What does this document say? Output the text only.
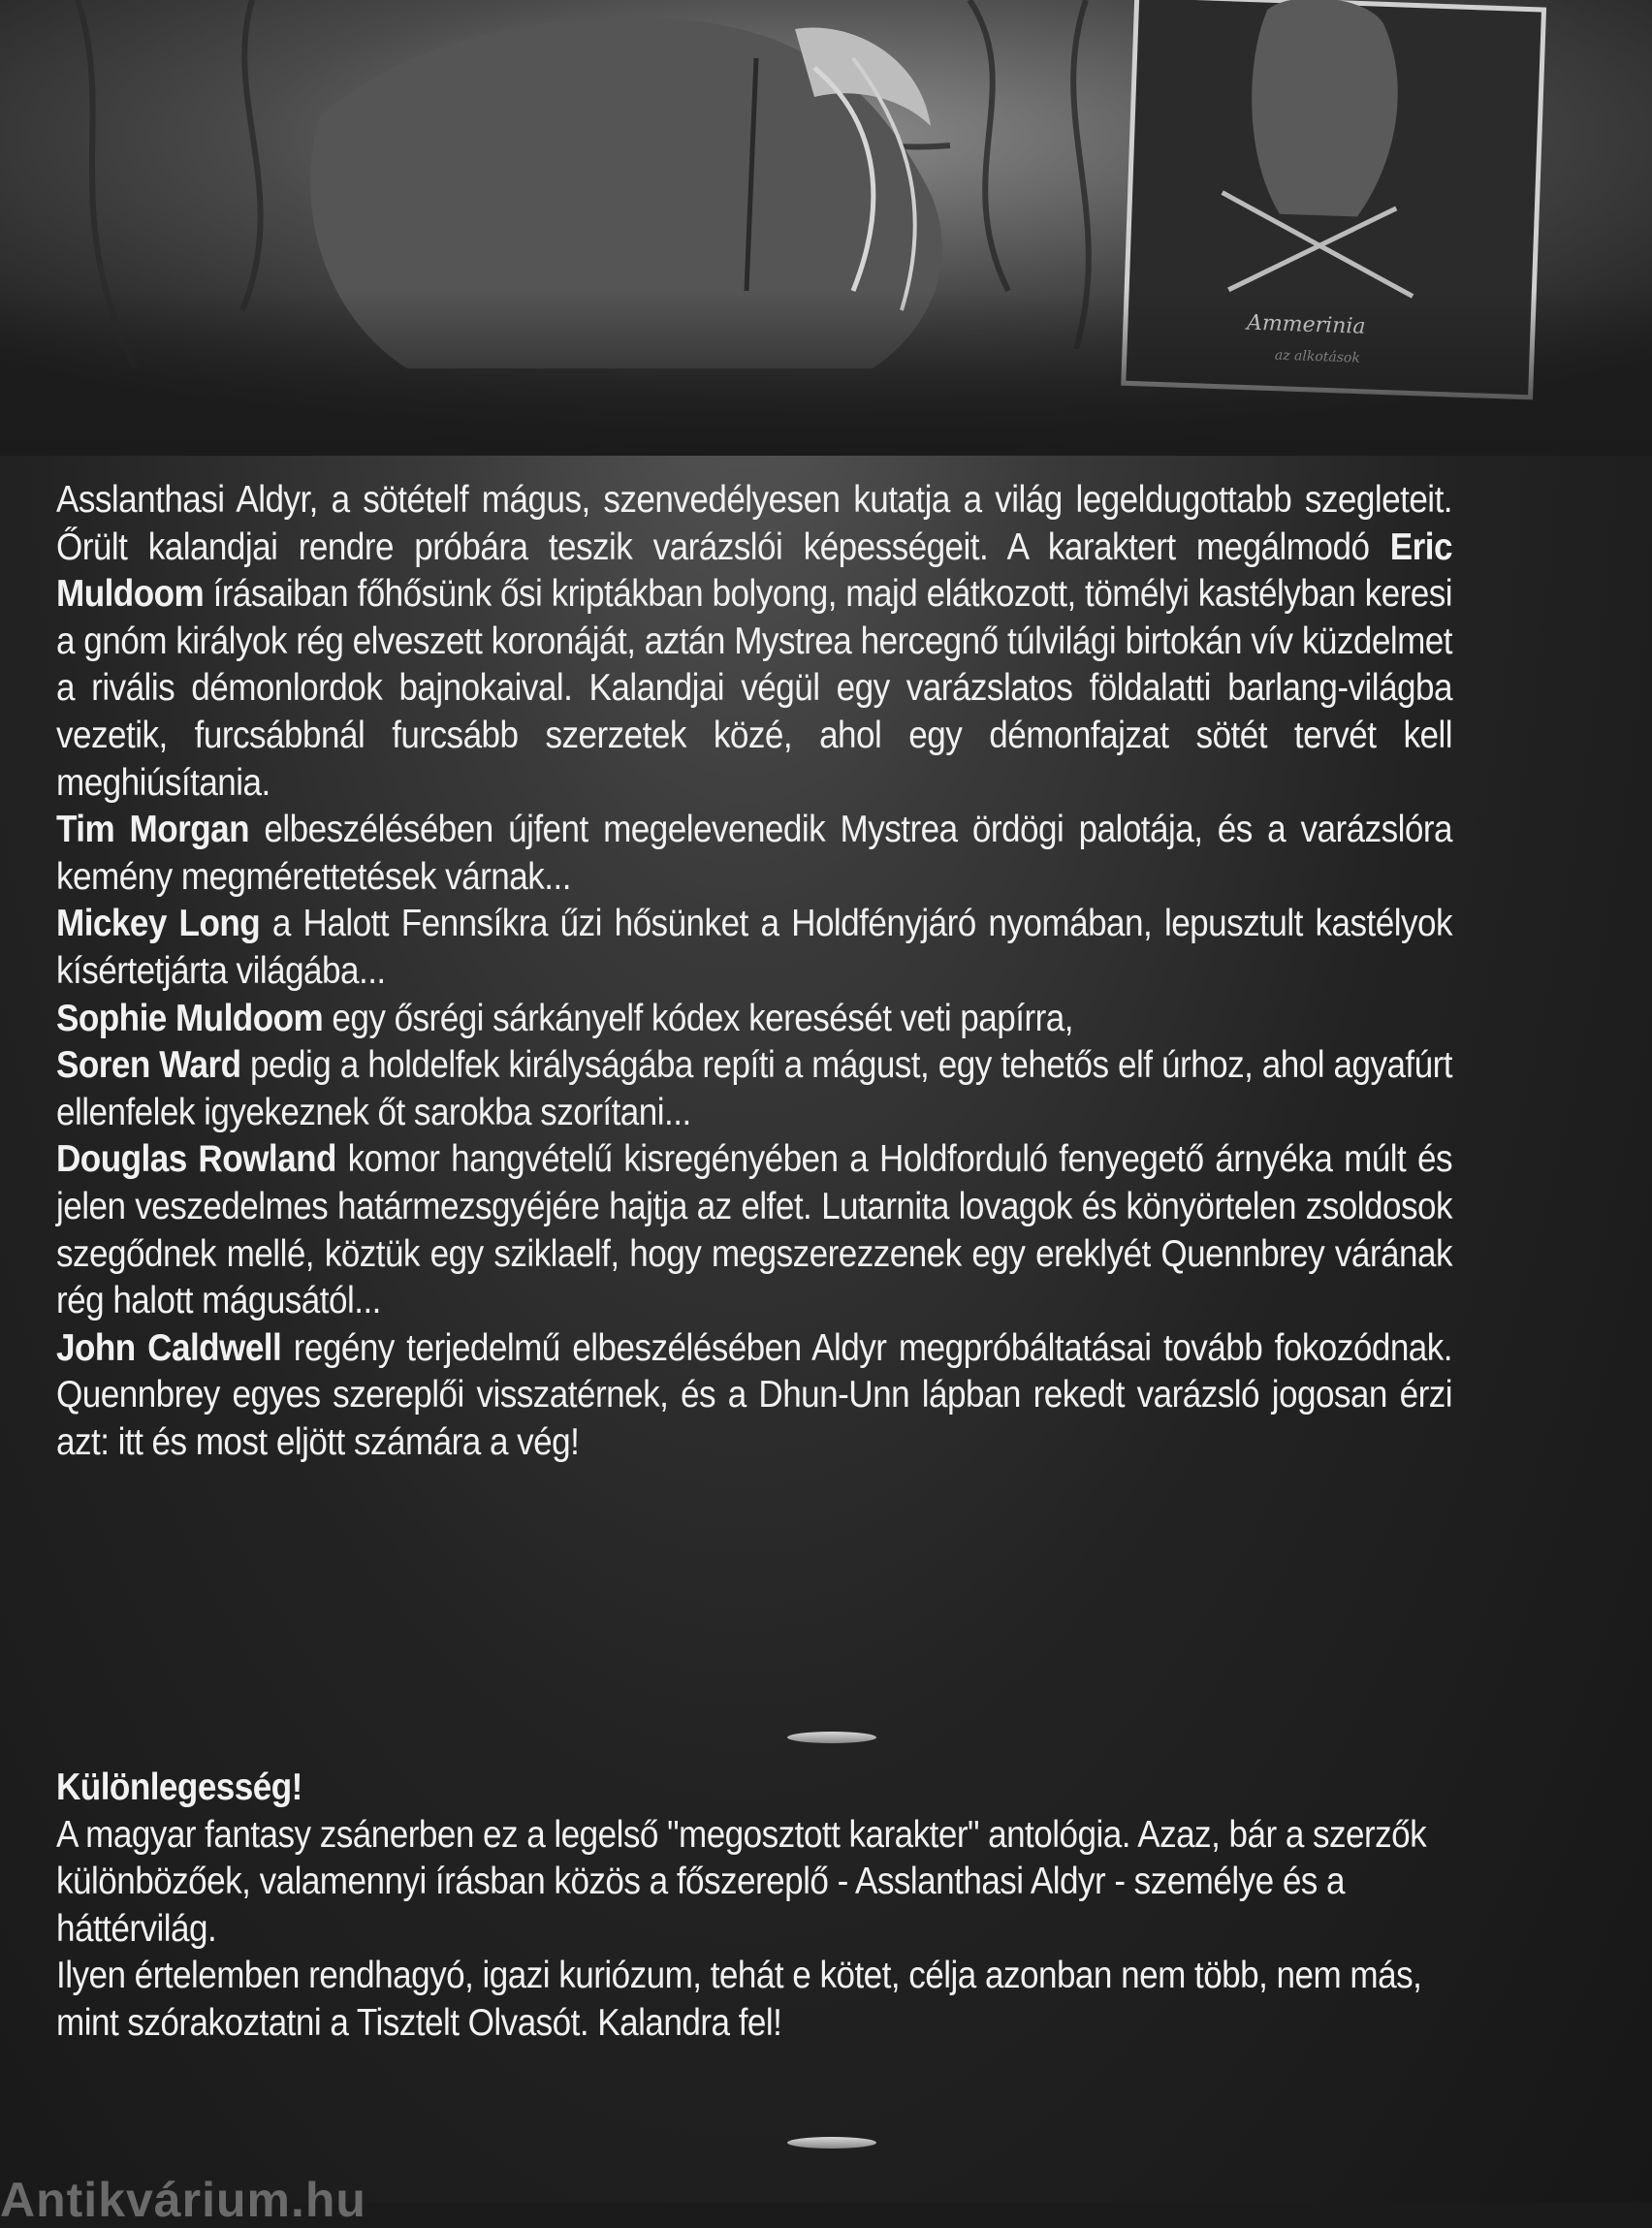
Asslanthasi Aldyr, a sötételf mágus, szenvedélyesen kutatja a világ legeldugottabb szegleteit. Őrült kalandjai rendre próbára teszik varázslói képességeit. A karaktert megálmodó Eric Muldoom írásaiban főhősünk ősi kriptákban bolyong, majd elátkozott, tömélyi kastélyban keresi a gnóm királyok rég elveszett koronáját, aztán Mystrea hercegnő túlvilági birtokán vív küzdelmet a rivális démonlordok bajnokaival. Kalandjai végül egy varázslatos földalatti barlang-világba vezetik, furcsábbnál furcsább szerzetek közé, ahol egy démonfajzat sötét tervét kell meghiúsítania.

Tim Morgan elbeszélésében újfent megelevenedik Mystrea ördögi palotája, és a varázslóra kemény megmérettetések várnak...

Mickey Long a Halott Fennsíkra űzi hősünket a Holdfényjáró nyomában, lepusztult kastélyok kísértetjárta világába...

Sophie Muldoom egy ősrégi sárkányelf kódex keresését veti papírra,

Soren Ward pedig a holdelfek királyságába repíti a mágust, egy tehetős elf úrhoz, ahol agyafúrt ellenfelek igyekeznek őt sarokba szorítani...

Douglas Rowland komor hangvételű kisregényében a Holdforduló fenyegető árnyéka múlt és jelen veszedelmes határmezsgyéjére hajtja az elfet. Lutarnita lovagok és könyörtelen zsoldosok szegődnek mellé, köztük egy sziklaelf, hogy megszerezzenek egy ereklyét Quennbrey várának rég halott mágusától...

John Caldwell regény terjedelmű elbeszélésében Aldyr megpróbáltatásai tovább fokozódnak. Quennbrey egyes szereplői visszatérnek, és a Dhun-Unn lápban rekedt varázsló jogosan érzi azt: itt és most eljött számára a vég!

Különlegesség!

A magyar fantasy zsánerben ez a legelső "megosztott karakter" antológia. Azaz, bár a szerzők különbözőek, valamennyi írásban közös a főszereplő - Asslanthasi Aldyr - személye és a háttérvilág.

Ilyen értelemben rendhagyó, igazi kuriózum, tehát e kötet, célja azonban nem több, nem más, mint szórakoztatni a Tisztelt Olvasót. Kalandra fel!

Antikvárium.hu
